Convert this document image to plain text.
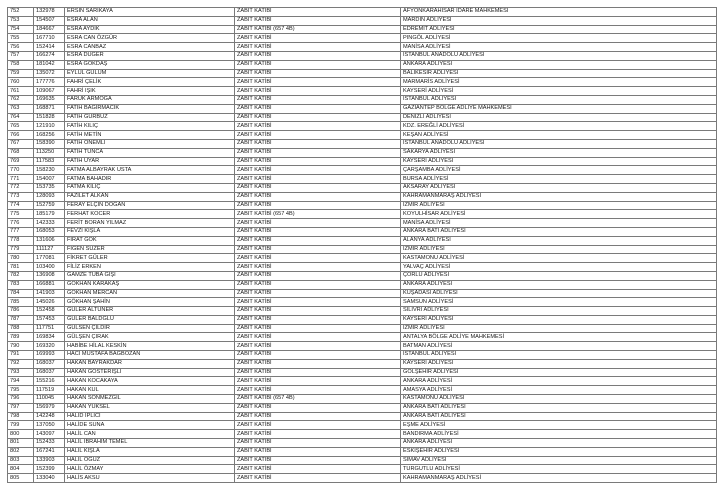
752	132978	ERSİN SARIKAYA	ZABIT KATİBİ	AFYONKARAHİSAR İDARE MAHKEMESİ
753	154507	ESRA ALAN	ZABIT KATİBİ	MARDİN ADLİYESİ
754	184667	ESRA AYDIK	ZABIT KATİBİ (657 4B)	EDREMİT ADLİYESİ
755	167710	ESRA CAN ÖZGÜR	ZABIT KATİBİ	PINGÖL ADLİYESİ
756	152414	ESRA CANBAZ	ZABIT KATİBİ	MANİSA ADLİYESİ
757	166274	ESRA DÜĞER	ZABIT KATİBİ	İSTANBUL ANADOLU ADLİYESİ
758	181042	ESRA GÖKDAŞ	ZABIT KATİBİ	ANKARA ADLİYESİ
759	135072	EYLÜL GÜLÜM	ZABIT KATİBİ	BALIKESİR ADLİYESİ
760	177776	FAHRİ ÇELİK	ZABIT KATİBİ	MARMARİS ADLİYESİ
761	109067	FAHRİ IŞIK	ZABIT KATİBİ	KAYSERİ ADLİYESİ
762	169635	FARUK ARMOĞA	ZABIT KATİBİ	İSTANBUL ADLİYESİ
763	168871	FATİH BAĞIRMACIK	ZABIT KATİBİ	GAZİANTEP BÖLGE ADLİYE MAHKEMESİ
764	151828	FATİH GÜRBÜZ	ZABIT KATİBİ	DENİZLİ ADLİYESİ
765	121910	FATİH KILIÇ	ZABIT KATİBİ	KDZ. EREĞLİ ADLİYESİ
766	168256	FATİH METİN	ZABIT KATİBİ	KEŞAN ADLİYESİ
767	158390	FATİH ÖNEMLİ	ZABIT KATİBİ	İSTANBUL ANADOLU ADLİYESİ
768	113250	FATİH TUNCA	ZABIT KATİBİ	SAKARYA ADLİYESİ
769	117583	FATİH UYAR	ZABIT KATİBİ	KAYSERİ ADLİYESİ
770	158230	FATMA ALBAYRAK USTA	ZABIT KATİBİ	ÇARŞAMBA ADLİYESİ
771	154007	FATMA BAHADIR	ZABIT KATİBİ	BURSA ADLİYESİ
772	153735	FATMA KILIÇ	ZABIT KATİBİ	AKSARAY ADLİYESİ
773	128093	FAZİLET ALKAN	ZABIT KATİBİ	KAHRAMANMARAŞ ADLİYESİ
774	152759	FERAY ELÇİN DOĞAN	ZABIT KATİBİ	İZMİR ADLİYESİ
775	185179	FERHAT KOCER	ZABIT KATİBİ (657 4B)	KOYULHİSAR ADLİYESİ
776	142333	FERİT BORAN YILMAZ	ZABIT KATİBİ	MANİSA ADLİYESİ
777	168053	FEVZİ KIŞLA	ZABIT KATİBİ	ANKARA BATI ADLİYESİ
778	131606	FIRAT GÖK	ZABIT KATİBİ	ALANYA ADLİYESİ
779	111127	FİGEN SÜZER	ZABIT KATİBİ	İZMİR ADLİYESİ
780	177081	FİKRET GÜLER	ZABIT KATİBİ	KASTAMONU ADLİYESİ
781	103400	FİLİZ ERKEN	ZABIT KATİBİ	YALVAÇ ADLİYESİ
782	136908	GAMZE TUBA GİŞİ	ZABIT KATİBİ	ÇORLU ADLİYESİ
783	166881	GÖKHAN KARAKAŞ	ZABIT KATİBİ	ANKARA ADLİYESİ
784	141903	GÖKHAN MERCAN	ZABIT KATİBİ	KUŞADASI ADLİYESİ
785	145026	GÖKHAN ŞAHİN	ZABIT KATİBİ	SAMSUN ADLİYESİ
786	152458	GÜLER ALTUNER	ZABIT KATİBİ	SİLİVRİ ADLİYESİ
787	157453	GÜLER BALDĞLU	ZABIT KATİBİ	KAYSERİ ADLİYESİ
788	117751	GÜLSEN ÇİLDİR	ZABIT KATİBİ	İZMİR ADLİYESİ
789	169834	GÜLŞEN ÇIRAK	ZABIT KATİBİ	ANTALYA BÖLGE ADLİYE MAHKEMESİ
790	169320	HABİBE HİLAL KESKİN	ZABIT KATİBİ	BATMAN ADLİYESİ
791	169993	HACI MUSTAFA BAĞBOZAN	ZABIT KATİBİ	İSTANBUL ADLİYESİ
792	168037	HAKAN BAYRAKDAR	ZABIT KATİBİ	KAYSERİ ADLİYESİ
793	168037	HAKAN GÖSTERİŞLİ	ZABIT KATİBİ	GÖLŞEHİR ADLİYESİ
794	155216	HAKAN KOCAKAYA	ZABIT KATİBİ	ANKARA ADLİYESİ
795	117519	HAKAN KUL	ZABIT KATİBİ	AMASYA ADLİYESİ
796	110045	HAKAN SÖNMEZGİL	ZABIT KATİBİ (657 4B)	KASTAMONU ADLİYESİ
797	156979	HAKAN YÜKSEL	ZABIT KATİBİ	ANKARA BATI ADLİYESİ
798	142248	HALİD İPLİCİ	ZABIT KATİBİ	ANKARA BATI ADLİYESİ
799	137050	HALİDE SUNA	ZABIT KATİBİ	EŞME ADLİYESİ
800	143097	HALİL CAN	ZABIT KATİBİ	BANDIRMA ADLİYESİ
801	152433	HALİL İBRAHİM TEMEL	ZABIT KATİBİ	ANKARA ADLİYESİ
802	167241	HALİL KIŞLA	ZABIT KATİBİ	ESKİŞEHİR ADLİYESİ
803	133903	HALİL OĞUZ	ZABIT KATİBİ	SİMAV ADLİYESİ
804	152399	HALİL ÖZMAY	ZABIT KATİBİ	TURGUTLU ADLİYESİ
805	133040	HALİS AKSU	ZABIT KATİBİ	KAHRAMANMARAŞ ADLİYESİ
